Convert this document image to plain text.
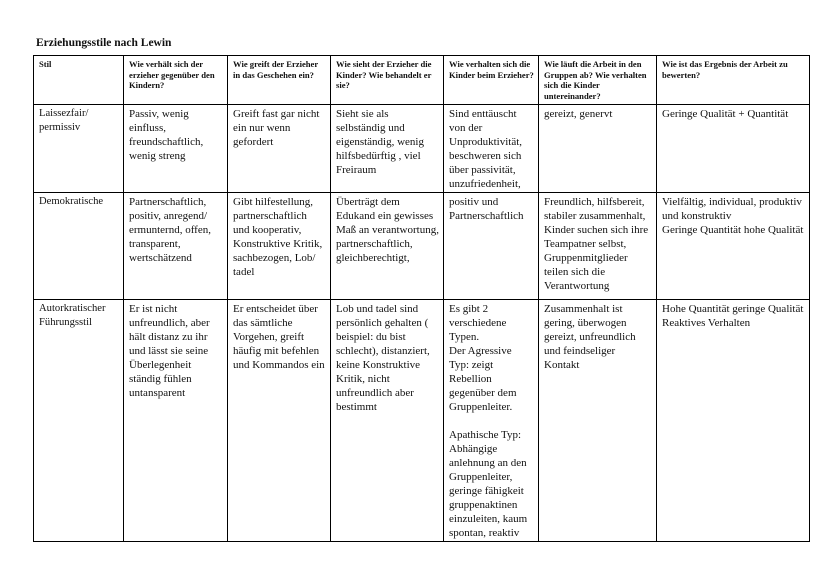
Erziehungsstile nach Lewin
Stil	Wie verhält sich der erzieher gegenüber den Kindern?	Wie greift der Erzieher in das Geschehen ein?	Wie sieht der Erzieher die Kinder? Wie behandelt er sie?	Wie verhalten sich die Kinder beim Erzieher?	Wie läuft die Arbeit in den Gruppen ab? Wie verhalten sich die Kinder untereinander?	Wie ist das Ergebnis der Arbeit zu bewerten?
Laissezfair/
permissiv	Passiv, wenig einfluss, freundschaftlich, wenig streng	Greift fast gar nicht ein nur wenn gefordert	Sieht sie als selbständig und eigenständig, wenig hilfsbedürftig , viel Freiraum	Sind enttäuscht von der Unproduktivität, beschweren sich über passivität, unzufriedenheit,	gereizt, genervt	Geringe Qualität + Quantität
Demokratische	Partnerschaftlich, positiv, anregend/ ermunternd, offen, transparent, wertschätzend	Gibt hilfestellung, partnerschaftlich und kooperativ, Konstruktive Kritik, sachbezogen, Lob/ tadel	Überträgt dem Edukand ein gewisses Maß an verantwortung, partnerschaftlich, gleichberechtigt,	positiv und Partnerschaftlich	Freundlich, hilfsbereit, stabiler zusammenhalt, Kinder suchen sich ihre Teampatner selbst, Gruppenmitglieder teilen sich die Verantwortung	Vielfältig, individual, produktiv und konstruktiv
Geringe Quantität hohe Qualität
Autorkratischer Führungsstil	Er ist nicht unfreundlich, aber hält distanz zu ihr und lässt sie seine Überlegenheit ständig fühlen untansparent	Er entscheidet über das sämtliche Vorgehen, greift häufig mit befehlen und Kommandos ein	Lob und tadel sind persönlich gehalten ( beispiel: du bist schlecht), distanziert, keine Konstruktive Kritik, nicht unfreundlich aber bestimmt	Es gibt 2 verschiedene Typen.
Der Agressive Typ: zeigt Rebellion gegenüber dem Gruppenleiter.

Apathische Typ: Abhängige anlehnung an den Gruppenleiter, geringe fähigkeit gruppenaktinen einzuleiten, kaum spontan, reaktiv	Zusammenhalt ist gering, überwogen gereizt, unfreundlich und feindseliger Kontakt	Hohe Quantität geringe Qualität
Reaktives Verhalten
